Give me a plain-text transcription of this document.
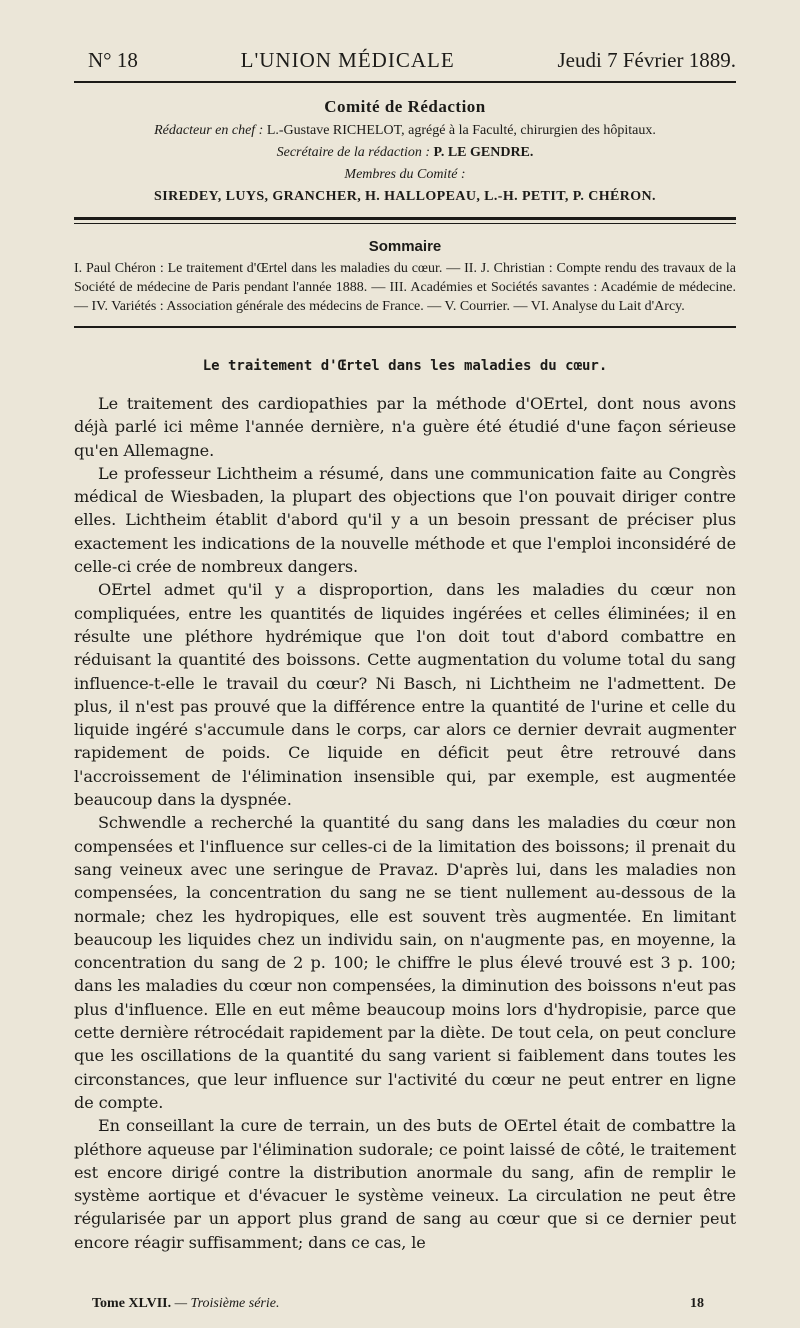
N° 18	L'UNION MÉDICALE	Jeudi 7 Février 1889.
Comité de Rédaction
Rédacteur en chef : L.-Gustave RICHELOT, agrégé à la Faculté, chirurgien des hôpitaux.
Secrétaire de la rédaction : P. LE GENDRE.
Membres du Comité :
SIREDEY, LUYS, GRANCHER, H. HALLOPEAU, L.-H. PETIT, P. CHÉRON.
Sommaire
I. Paul Chéron : Le traitement d'Œrtel dans les maladies du cœur. — II. J. Christian : Compte rendu des travaux de la Société de médecine de Paris pendant l'année 1888. — III. Académies et Sociétés savantes : Académie de médecine. — IV. Variétés : Association générale des médecins de France. — V. Courrier. — VI. Analyse du Lait d'Arcy.
Le traitement d'Œrtel dans les maladies du cœur.

Le traitement des cardiopathies par la méthode d'OErtel, dont nous avons déjà parlé ici même l'année dernière, n'a guère été étudié d'une façon sérieuse qu'en Allemagne.

Le professeur Lichtheim a résumé, dans une communication faite au Congrès médical de Wiesbaden, la plupart des objections que l'on pouvait diriger contre elles. Lichtheim établit d'abord qu'il y a un besoin pressant de préciser plus exactement les indications de la nouvelle méthode et que l'emploi inconsidéré de celle-ci crée de nombreux dangers.

OErtel admet qu'il y a disproportion, dans les maladies du cœur non compliquées, entre les quantités de liquides ingérées et celles éliminées; il en résulte une pléthore hydrémique que l'on doit tout d'abord combattre en réduisant la quantité des boissons. Cette augmentation du volume total du sang influence-t-elle le travail du cœur? Ni Basch, ni Lichtheim ne l'admettent. De plus, il n'est pas prouvé que la différence entre la quantité de l'urine et celle du liquide ingéré s'accumule dans le corps, car alors ce dernier devrait augmenter rapidement de poids. Ce liquide en déficit peut être retrouvé dans l'accroissement de l'élimination insensible qui, par exemple, est augmentée beaucoup dans la dyspnée.

Schwendle a recherché la quantité du sang dans les maladies du cœur non compensées et l'influence sur celles-ci de la limitation des boissons; il prenait du sang veineux avec une seringue de Pravaz. D'après lui, dans les maladies non compensées, la concentration du sang ne se tient nullement au-dessous de la normale; chez les hydropiques, elle est souvent très augmentée. En limitant beaucoup les liquides chez un individu sain, on n'augmente pas, en moyenne, la concentration du sang de 2 p. 100; le chiffre le plus élevé trouvé est 3 p. 100; dans les maladies du cœur non compensées, la diminution des boissons n'eut pas plus d'influence. Elle en eut même beaucoup moins lors d'hydropisie, parce que cette dernière rétrocédait rapidement par la diète. De tout cela, on peut conclure que les oscillations de la quantité du sang varient si faiblement dans toutes les circonstances, que leur influence sur l'activité du cœur ne peut entrer en ligne de compte.

En conseillant la cure de terrain, un des buts de OErtel était de combattre la pléthore aqueuse par l'élimination sudorale; ce point laissé de côté, le traitement est encore dirigé contre la distribution anormale du sang, afin de remplir le système aortique et d'évacuer le système veineux. La circulation ne peut être régularisée par un apport plus grand de sang au cœur que si ce dernier peut encore réagir suffisamment; dans ce cas, le

Tome XLVII. — Troisième série.	18
